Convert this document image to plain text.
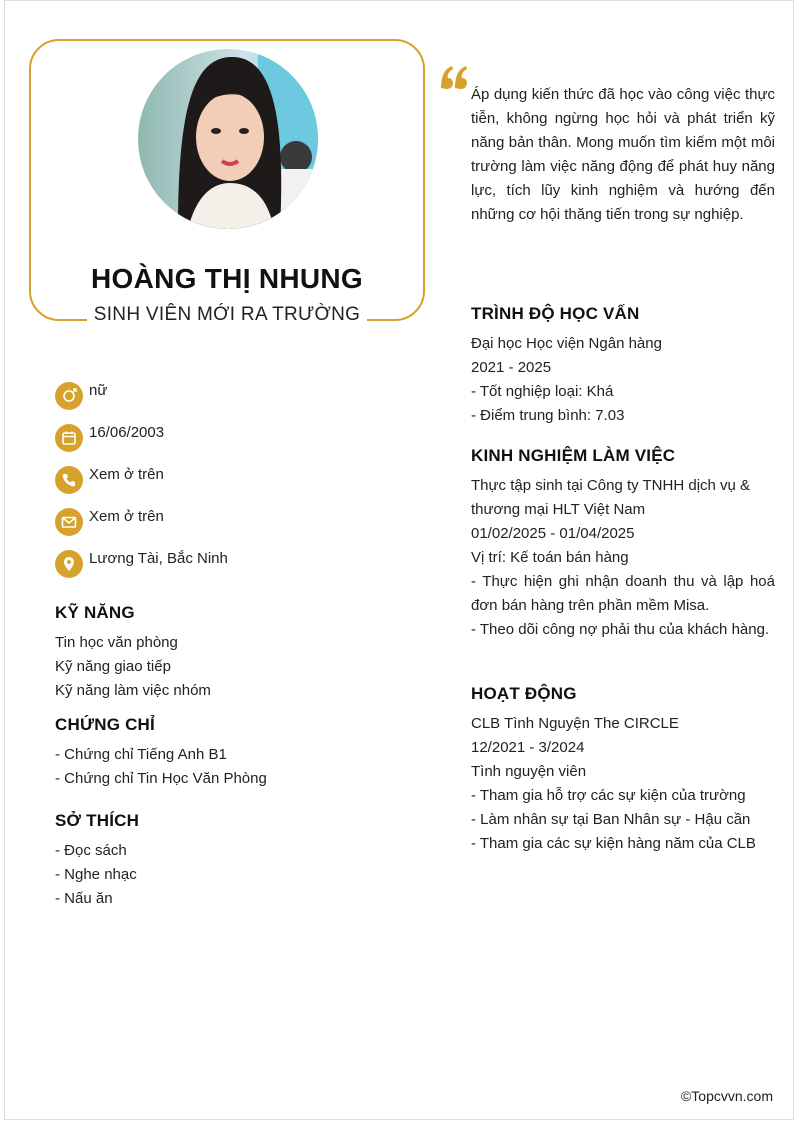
HOÀNG THỊ NHUNG
SINH VIÊN MỚI RA TRƯỜNG
Áp dụng kiến thức đã học vào công việc thực tiễn, không ngừng học hỏi và phát triển kỹ năng bản thân. Mong muốn tìm kiếm một môi trường làm việc năng động để phát huy năng lực, tích lũy kinh nghiệm và hướng đến những cơ hội thăng tiến trong sự nghiệp.
nữ
16/06/2003
Xem ở trên
Xem ở trên
Lương Tài, Bắc Ninh
KỸ NĂNG
Tin học văn phòng
Kỹ năng giao tiếp
Kỹ năng làm việc nhóm
CHỨNG CHỈ
- Chứng chỉ Tiếng Anh B1
- Chứng chỉ Tin Học Văn Phòng
SỞ THÍCH
- Đọc sách
- Nghe nhạc
- Nấu ăn
TRÌNH ĐỘ HỌC VẤN
Đại học Học viện Ngân hàng
2021 - 2025
- Tốt nghiệp loại: Khá
- Điểm trung bình: 7.03
KINH NGHIỆM LÀM VIỆC
Thực tập sinh tại Công ty TNHH dịch vụ & thương mại HLT Việt Nam
01/02/2025 - 01/04/2025
Vị trí: Kế toán bán hàng
- Thực hiện ghi nhận doanh thu và lập hoá đơn bán hàng trên phần mềm Misa.
- Theo dõi công nợ phải thu của khách hàng.
HOẠT ĐỘNG
CLB Tình Nguyện The CIRCLE
12/2021 - 3/2024
Tình nguyện viên
- Tham gia hỗ trợ các sự kiện của trường
- Làm nhân sự tại Ban Nhân sự - Hậu cần
- Tham gia các sự kiện hàng năm của CLB
©Topcvvn.com
